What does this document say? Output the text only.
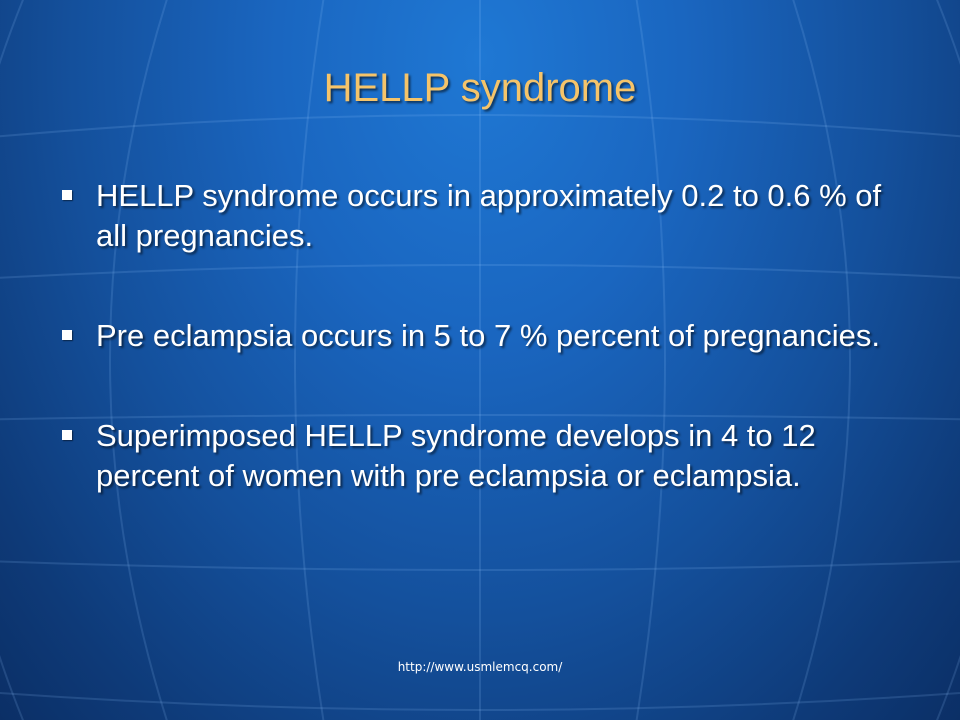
HELLP syndrome
HELLP syndrome occurs in approximately 0.2 to 0.6 % of all pregnancies.
Pre eclampsia occurs in 5 to 7 % percent of pregnancies.
Superimposed HELLP syndrome develops in 4 to 12 percent of women with pre eclampsia or eclampsia.
http://www.usmlemcq.com/
